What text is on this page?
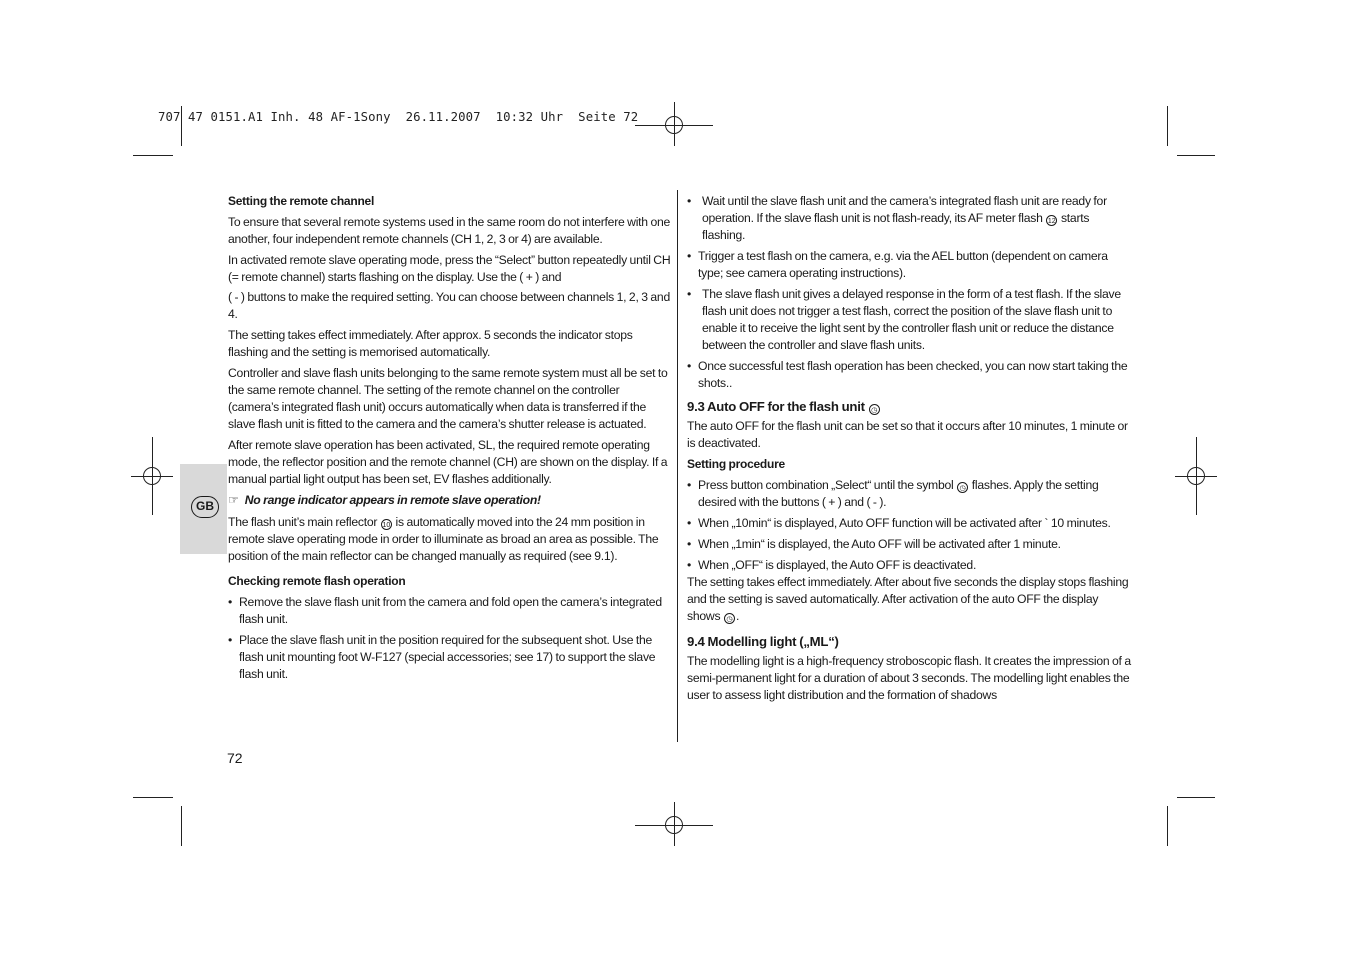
707 47 0151.A1 Inh. 48 AF-1Sony  26.11.2007  10:32 Uhr  Seite 72
GB
Setting the remote channel

To ensure that several remote systems used in the same room do not interfere with one another, four independent remote channels (CH 1, 2, 3 or 4) are available.

In activated remote slave operating mode, press the “Select” button repeatedly until CH (= remote channel) starts flashing on the display. Use the ( + ) and

( - ) buttons to make the required setting. You can choose between channels 1, 2, 3 and 4.

The setting takes effect immediately. After approx. 5 seconds the indicator stops flashing and the setting is memorised automatically.

Controller and slave flash units belonging to the same remote system must all be set to the same remote channel. The setting of the remote channel on the controller (camera’s integrated flash unit) occurs automatically when data is transferred if the slave flash unit is fitted to the camera and the camera’s shutter release is actuated.

After remote slave operation has been activated, SL, the required remote operating mode, the reflector position and the remote channel (CH) are shown on the display. If a manual partial light output has been set, EV flashes additionally.

☞ No range indicator appears in remote slave operation!

The flash unit’s main reflector 10 is automatically moved into the 24 mm position in remote slave operating mode in order to illuminate as broad an area as possible. The position of the main reflector can be changed manually as required (see 9.1).

Checking remote flash operation
• Remove the slave flash unit from the camera and fold open the camera’s integrated flash unit.
• Place the slave flash unit in the position required for the subsequent shot. Use the flash unit mounting foot W-F127 (special accessories; see 17) to support the slave flash unit.
• Wait until the slave flash unit and the camera’s integrated flash unit are ready for operation. If the slave flash unit is not flash-ready, its AF meter flash 12 starts flashing.
• Trigger a test flash on the camera, e.g. via the AEL button (dependent on camera type; see camera operating instructions).
• The slave flash unit gives a delayed response in the form of a test flash. If the slave flash unit does not trigger a test flash, correct the position of the slave flash unit to enable it to receive the light sent by the controller flash unit or reduce the distance between the controller and slave flash units.
• Once successful test flash operation has been checked, you can now start taking the shots..
9.3 Auto OFF for the flash unit ◷

The auto OFF for the flash unit can be set so that it occurs after 10 minutes, 1 minute or is deactivated.

Setting procedure
• Press button combination „Select“ until the symbol ◷ flashes. Apply the setting desired with the buttons ( + ) and ( - ).
• When „10min“ is displayed, Auto OFF function will be activated after ` 10 minutes.
• When „1min“ is displayed, the Auto OFF will be activated after 1 minute.
• When „OFF“ is displayed, the Auto OFF is deactivated.

The setting takes effect immediately. After about five seconds the display stops flashing and the setting is saved automatically. After activation of the auto OFF the display shows ◷ .

9.4 Modelling light („ML“)

The modelling light is a high-frequency stroboscopic flash. It creates the impression of a semi-permanent light for a duration of about 3 seconds. The modelling light enables the user to assess light distribution and the formation of shadows

72
